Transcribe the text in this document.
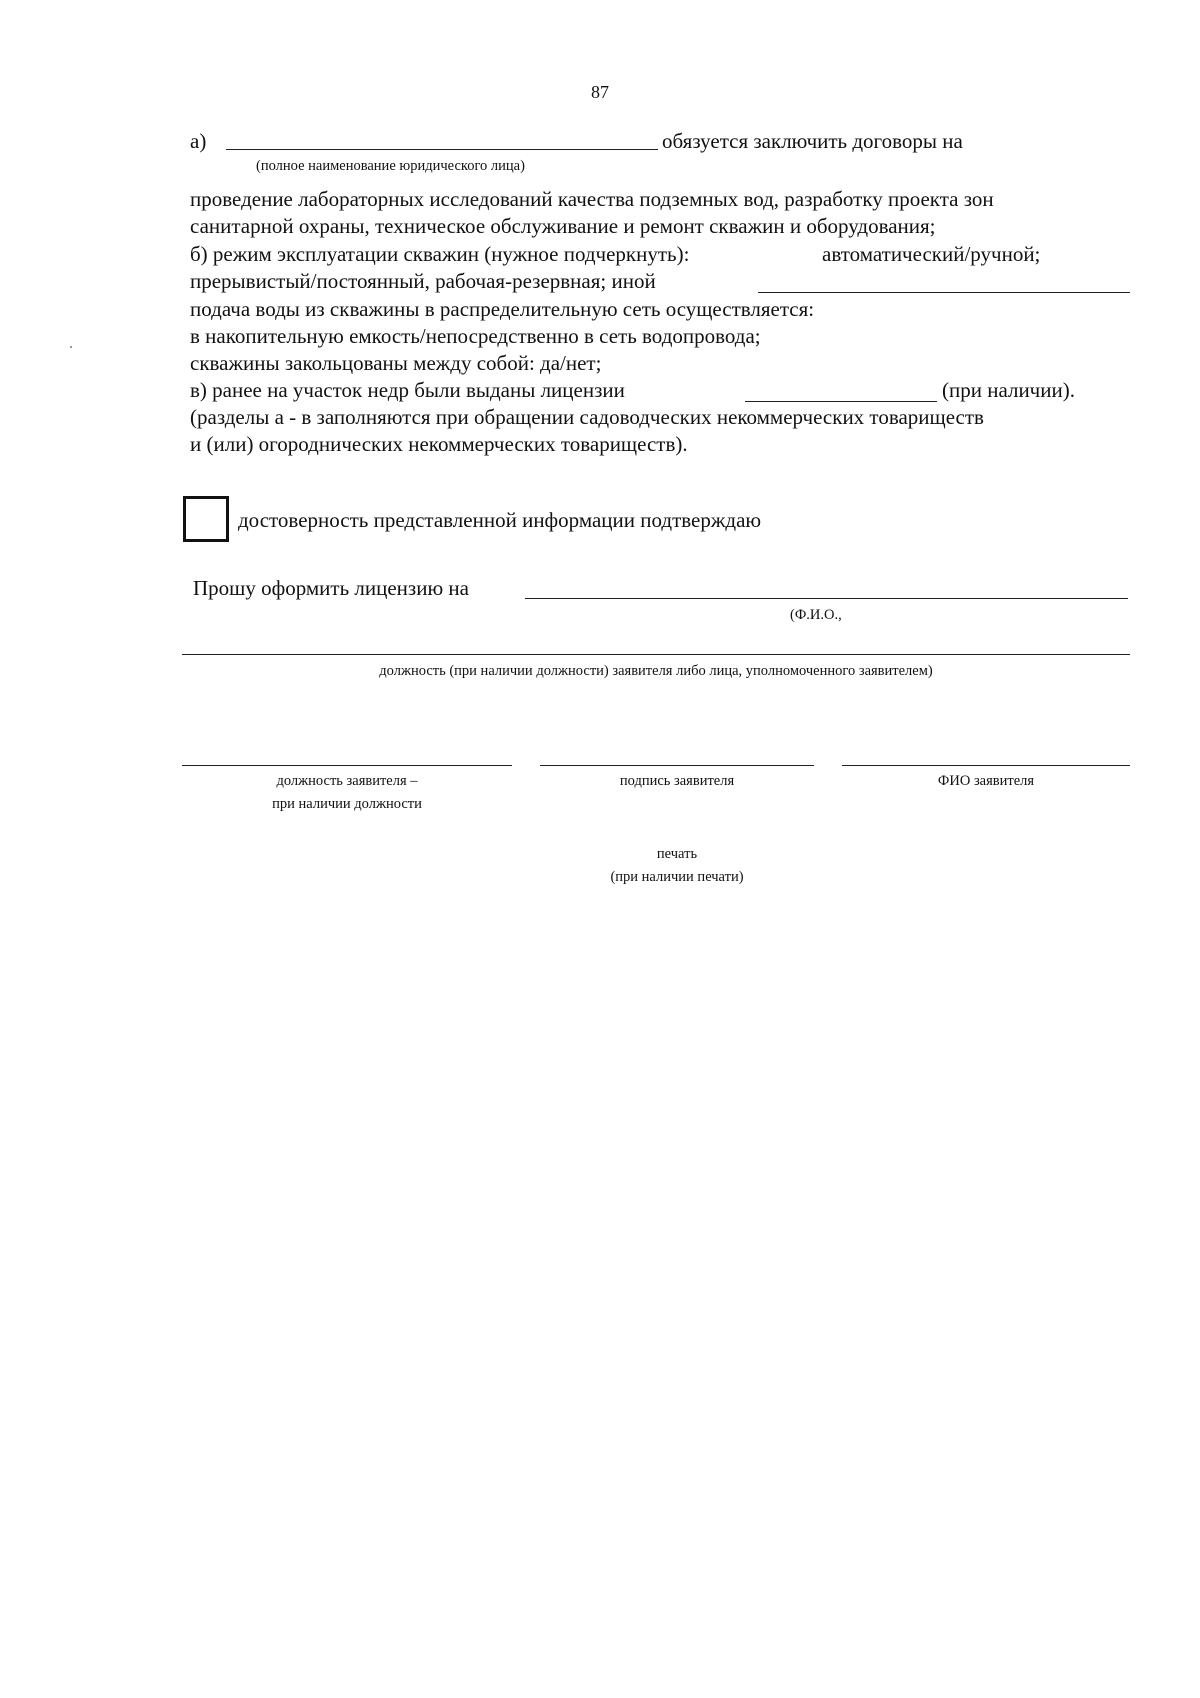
87
а)	обязуется заключить договоры на
(полное наименование юридического лица)
проведение лабораторных исследований качества подземных вод, разработку проекта зон
санитарной охраны, техническое обслуживание и ремонт скважин и оборудования;
б) режим эксплуатации скважин (нужное подчеркнуть):	автоматический/ручной;
прерывистый/постоянный, рабочая-резервная; иной
подача воды из скважины в распределительную сеть осуществляется:
в накопительную емкость/непосредственно в сеть водопровода;
скважины закольцованы между собой: да/нет;
в) ранее на участок недр были выданы лицензии	(при наличии).
(разделы а - в заполняются при обращении садоводческих некоммерческих товариществ
и (или) огороднических некоммерческих товариществ).
достоверность представленной информации подтверждаю
Прошу оформить лицензию на
(Ф.И.О.,
должность (при наличии должности) заявителя либо лица, уполномоченного заявителем)
должность заявителя –
при наличии должности
подпись заявителя	ФИО заявителя
печать
(при наличии печати)
